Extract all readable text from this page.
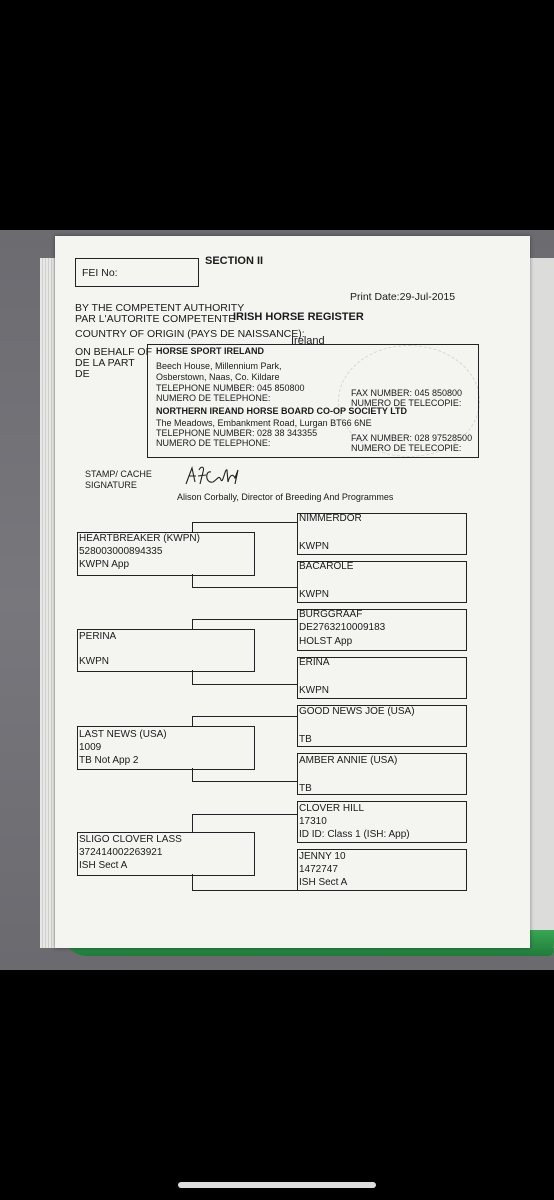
FEI No:
SECTION II
Print Date:29-Jul-2015
BY THE COMPETENT AUTHORITY
PAR L'AUTORITE COMPETENTE
IRISH HORSE REGISTER
COUNTRY OF ORIGIN (PAYS DE NAISSANCE):
Ireland
ON BEHALF OF
DE LA PART
DE
HORSE SPORT IRELAND
Beech House, Millennium Park,
Osberstown, Naas, Co. Kildare
TELEPHONE NUMBER: 045 850800
NUMERO DE TELEPHONE:	FAX NUMBER: 045 850800
NUMERO DE TELECOPIE:
NORTHERN IREAND HORSE BOARD CO-OP SOCIETY LTD
The Meadows, Embankment Road, Lurgan BT66 6NE
TELEPHONE NUMBER: 028 38 343355
NUMERO DE TELEPHONE:	FAX NUMBER: 028 97528500
NUMERO DE TELECOPIE:
STAMP/ CACHE
SIGNATURE
Alison Corbally, Director of Breeding And Programmes
HEARTBREAKER (KWPN)
528003000894335
KWPN App
PERINA
KWPN
LAST NEWS (USA)
1009
TB Not App 2
SLIGO CLOVER LASS
372414002263921
ISH Sect A
NIMMERDOR
KWPN
BACAROLE
KWPN
BURGGRAAF
DE2763210009183
HOLST App
ERINA
KWPN
GOOD NEWS JOE (USA)
TB
AMBER ANNIE (USA)
TB
CLOVER HILL
17310
ID ID: Class 1 (ISH: App)
JENNY 10
1472747
ISH Sect A
